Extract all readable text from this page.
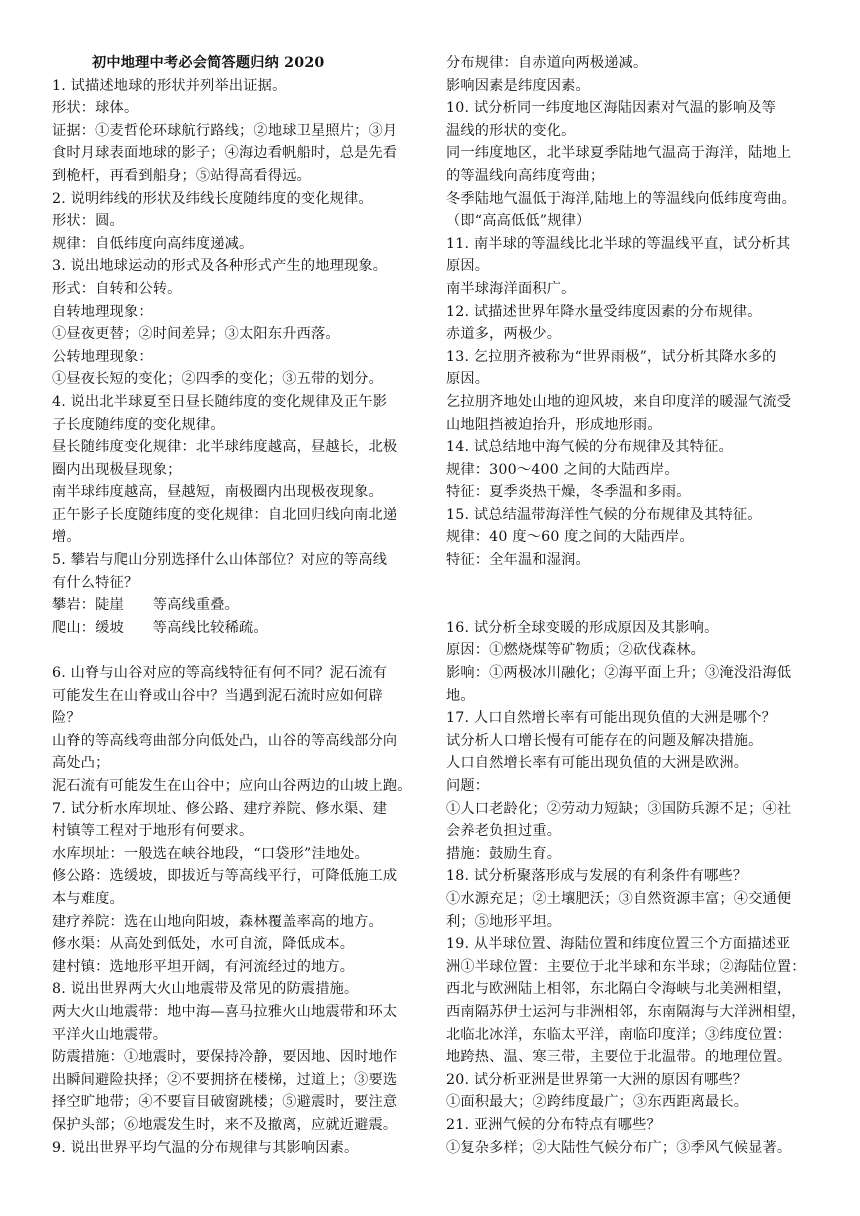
初中地理中考必会简答题归纳 2020
1. 试描述地球的形状并列举出证据。
形状：球体。
证据：①麦哲伦环球航行路线；②地球卫星照片；③月
食时月球表面地球的影子；④海边看帆船时，总是先看
到桅杆，再看到船身；⑤站得高看得远。
2. 说明纬线的形状及纬线长度随纬度的变化规律。
形状：圆。
规律：自低纬度向高纬度递减。
3. 说出地球运动的形式及各种形式产生的地理现象。
形式：自转和公转。
自转地理现象：
①昼夜更替；②时间差异；③太阳东升西落。
公转地理现象：
①昼夜长短的变化；②四季的变化；③五带的划分。
4. 说出北半球夏至日昼长随纬度的变化规律及正午影
子长度随纬度的变化规律。
昼长随纬度变化规律：北半球纬度越高，昼越长，北极
圈内出现极昼现象；
南半球纬度越高，昼越短，南极圈内出现极夜现象。
正午影子长度随纬度的变化规律：自北回归线向南北递
增。
5. 攀岩与爬山分别选择什么山体部位？对应的等高线
有什么特征？
攀岩：陡崖　　等高线重叠。
爬山：缓坡　　等高线比较稀疏。
6. 山脊与山谷对应的等高线特征有何不同？泥石流有
可能发生在山脊或山谷中？当遇到泥石流时应如何辟
险？
山脊的等高线弯曲部分向低处凸，山谷的等高线部分向
高处凸；
泥石流有可能发生在山谷中；应向山谷两边的山坡上跑。
7. 试分析水库坝址、修公路、建疗养院、修水渠、建
村镇等工程对于地形有何要求。
水库坝址：一般选在峡谷地段，“口袋形”洼地处。
修公路：选缓坡，即拔近与等高线平行，可降低施工成
本与难度。
建疗养院：选在山地向阳坡，森林覆盖率高的地方。
修水渠：从高处到低处，水可自流，降低成本。
建村镇：选地形平坦开阔，有河流经过的地方。
8. 说出世界两大火山地震带及常见的防震措施。
两大火山地震带：地中海—喜马拉雅火山地震带和环太
平洋火山地震带。
防震措施：①地震时，要保持冷静，要因地、因时地作
出瞬间避险抉择；②不要拥挤在楼梯，过道上；③要选
择空旷地带；④不要盲目破窗跳楼；⑤避震时，要注意
保护头部；⑥地震发生时，来不及撤离，应就近避震。
9. 说出世界平均气温的分布规律与其影响因素。
分布规律：自赤道向两极递减。
影响因素是纬度因素。
10. 试分析同一纬度地区海陆因素对气温的影响及等
温线的形状的变化。
同一纬度地区，北半球夏季陆地气温高于海洋，陆地上
的等温线向高纬度弯曲；
冬季陆地气温低于海洋,陆地上的等温线向低纬度弯曲。
（即“高高低低”规律）
11. 南半球的等温线比北半球的等温线平直，试分析其
原因。
南半球海洋面积广。
12. 试描述世界年降水量受纬度因素的分布规律。
赤道多，两极少。
13. 乞拉朋齐被称为“世界雨极”，试分析其降水多的
原因。
乞拉朋齐地处山地的迎风坡，来自印度洋的暖湿气流受
山地阻挡被迫抬升，形成地形雨。
14. 试总结地中海气候的分布规律及其特征。
规律：300～400 之间的大陆西岸。
特征：夏季炎热干燥，冬季温和多雨。
15. 试总结温带海洋性气候的分布规律及其特征。
规律：40 度～60 度之间的大陆西岸。
特征：全年温和湿润。
16. 试分析全球变暖的形成原因及其影响。
原因：①燃烧煤等矿物质；②砍伐森林。
影响：①两极冰川融化；②海平面上升；③淹没沿海低
地。
17. 人口自然增长率有可能出现负值的大洲是哪个？
试分析人口增长慢有可能存在的问题及解决措施。
人口自然增长率有可能出现负值的大洲是欧洲。
问题：
①人口老龄化；②劳动力短缺；③国防兵源不足；④社
会养老负担过重。
措施：鼓励生育。
18. 试分析聚落形成与发展的有利条件有哪些？
①水源充足；②土壤肥沃；③自然资源丰富；④交通便
利；⑤地形平坦。
19. 从半球位置、海陆位置和纬度位置三个方面描述亚
洲①半球位置：主要位于北半球和东半球；②海陆位置：
西北与欧洲陆上相邻，东北隔白令海峡与北美洲相望，
西南隔苏伊士运河与非洲相邻，东南隔海与大洋洲相望，
北临北冰洋，东临太平洋，南临印度洋；③纬度位置：
地跨热、温、寒三带，主要位于北温带。的地理位置。
20. 试分析亚洲是世界第一大洲的原因有哪些？
①面积最大；②跨纬度最广；③东西距离最长。
21. 亚洲气候的分布特点有哪些？
①复杂多样；②大陆性气候分布广；③季风气候显著。
